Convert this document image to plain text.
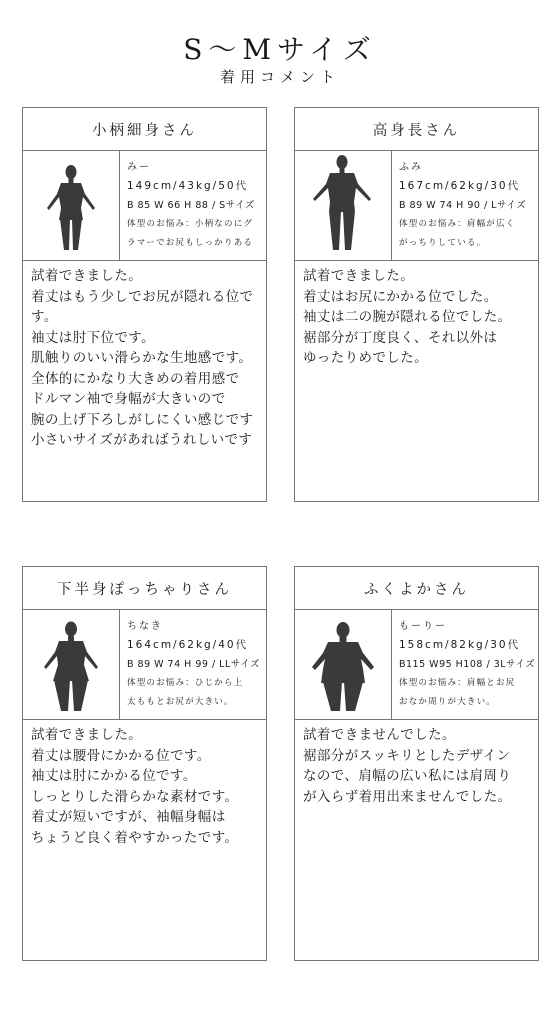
S～Mサイズ
着用コメント
小柄細身さん
みー
149cm/43kg/50代
B 85 W 66 H 88 / Sサイズ
体型のお悩み：小柄なのにグ
ラマーでお尻もしっかりある
試着できました。
着丈はもう少しでお尻が隠れる位で
す。
袖丈は肘下位です。
肌触りのいい滑らかな生地感です。
全体的にかなり大きめの着用感で
ドルマン袖で身幅が大きいので
腕の上げ下ろしがしにくい感じです
小さいサイズがあればうれしいです
高身長さん
ふみ
167cm/62kg/30代
B 89 W 74 H 90 / Lサイズ
体型のお悩み：肩幅が広く
がっちりしている。
試着できました。
着丈はお尻にかかる位でした。
袖丈は二の腕が隠れる位でした。
裾部分が丁度良く、それ以外は
ゆったりめでした。
下半身ぽっちゃりさん
ちなき
164cm/62kg/40代
B 89 W 74 H 99 / LLサイズ
体型のお悩み：ひじから上
太ももとお尻が大きい。
試着できました。
着丈は腰骨にかかる位です。
袖丈は肘にかかる位です。
しっとりした滑らかな素材です。
着丈が短いですが、袖幅身幅は
ちょうど良く着やすかったです。
ふくよかさん
もーりー
158cm/82kg/30代
B115 W95 H108 / 3Lサイズ
体型のお悩み：肩幅とお尻
おなか周りが大きい。
試着できませんでした。
裾部分がスッキリとしたデザイン
なので、肩幅の広い私には肩周り
が入らず着用出来ませんでした。
